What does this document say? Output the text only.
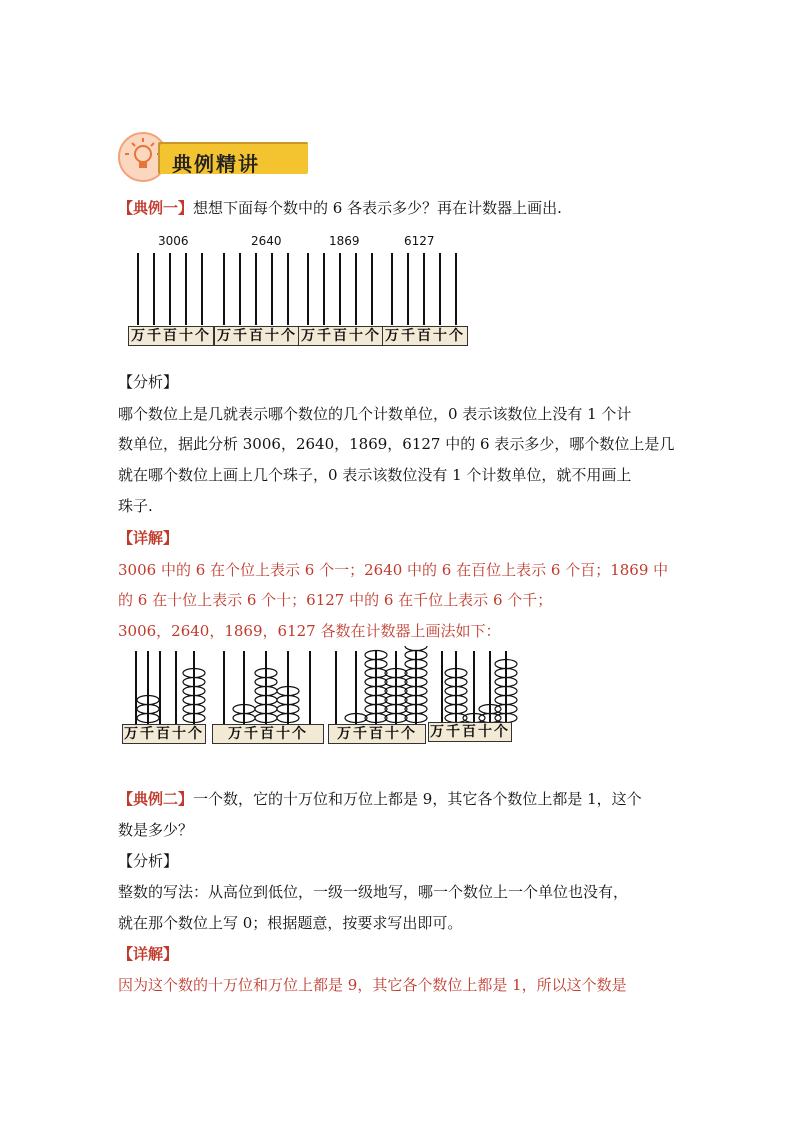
典例精讲
【典例一】想想下面每个数中的 6 各表示多少？再在计数器上画出.
3006	2640	1869	6127
万千百十个 万千百十个 万千百十个 万千百十个
【分析】
哪个数位上是几就表示哪个数位的几个计数单位，0 表示该数位上没有 1 个计
数单位，据此分析 3006，2640，1869，6127 中的 6 表示多少，哪个数位上是几
就在哪个数位上画上几个珠子，0 表示该数位没有 1 个计数单位，就不用画上
珠子.
【详解】
3006 中的 6 在个位上表示 6 个一；2640 中的 6 在百位上表示 6 个百；1869 中
的 6 在十位上表示 6 个十；6127 中的 6 在千位上表示 6 个千；
3006，2640，1869，6127 各数在计数器上画法如下：
万千百十个	万千百十个	万千百十个 万千百十个
【典例二】一个数，它的十万位和万位上都是 9，其它各个数位上都是 1，这个
数是多少？
【分析】
整数的写法：从高位到低位，一级一级地写，哪一个数位上一个单位也没有，
就在那个数位上写 0；根据题意，按要求写出即可。
【详解】
因为这个数的十万位和万位上都是 9，其它各个数位上都是 1，所以这个数是
